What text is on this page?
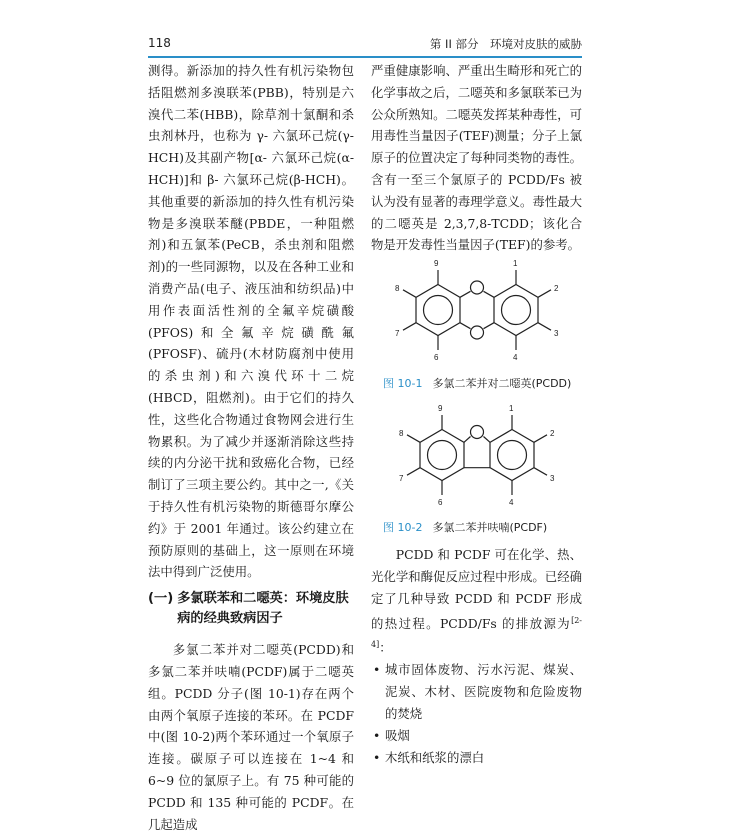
118	第 II 部分　环境对皮肤的威胁

测得。新添加的持久性有机污染物包括阻燃剂多溴联苯(PBB)，特别是六溴代二苯(HBB)，除草剂十氯酮和杀虫剂林丹，也称为 γ- 六氯环己烷(γ-HCH)及其副产物[α- 六氯环己烷(α-HCH)]和 β- 六氯环己烷(β-HCH)。其他重要的新添加的持久性有机污染物是多溴联苯醚(PBDE，一种阻燃剂)和五氯苯(PeCB，杀虫剂和阻燃剂)的一些同源物，以及在各种工业和消费产品(电子、液压油和纺织品)中用作表面活性剂的全氟辛烷磺酸(PFOS)和全氟辛烷磺酰氟(PFOSF)、硫丹(木材防腐剂中使用的杀虫剂)和六溴代环十二烷(HBCD，阻燃剂)。由于它们的持久性，这些化合物通过食物网会进行生物累积。为了减少并逐渐消除这些持续的内分泌干扰和致癌化合物，已经制订了三项主要公约。其中之一,《关于持久性有机污染物的斯德哥尔摩公约》于 2001 年通过。该公约建立在预防原则的基础上，这一原则在环境法中得到广泛使用。

(一) 多氯联苯和二噁英：环境皮肤病的经典致病因子

多氯二苯并对二噁英(PCDD)和多氯二苯并呋喃(PCDF)属于二噁英组。PCDD 分子(图 10-1)存在两个由两个氧原子连接的苯环。在 PCDF 中(图 10-2)两个苯环通过一个氧原子连接。碳原子可以连接在 1~4 和 6~9 位的氯原子上。有 75 种可能的 PCDD 和 135 种可能的 PCDF。在几起造成

严重健康影响、严重出生畸形和死亡的化学事故之后，二噁英和多氯联苯已为公众所熟知。二噁英发挥某种毒性，可用毒性当量因子(TEF)测量；分子上氯原子的位置决定了每种同类物的毒性。含有一至三个氯原子的 PCDD/Fs 被认为没有显著的毒理学意义。毒性最大的二噁英是 2,3,7,8-TCDD；该化合物是开发毒性当量因子(TEF)的参考。

9	1
8	2
7	3
6	4
图 10-1 多氯二苯并对二噁英(PCDD)
9	1
8	2
7	3
6	4
图 10-2 多氯二苯并呋喃(PCDF)

PCDD 和 PCDF 可在化学、热、光化学和酶促反应过程中形成。已经确定了几种导致 PCDD 和 PCDF 形成的热过程。PCDD/Fs 的排放源为[2-4]：

• 城市固体废物、污水污泥、煤炭、泥炭、木材、医院废物和危险废物的焚烧
• 吸烟
• 木纸和纸浆的漂白
